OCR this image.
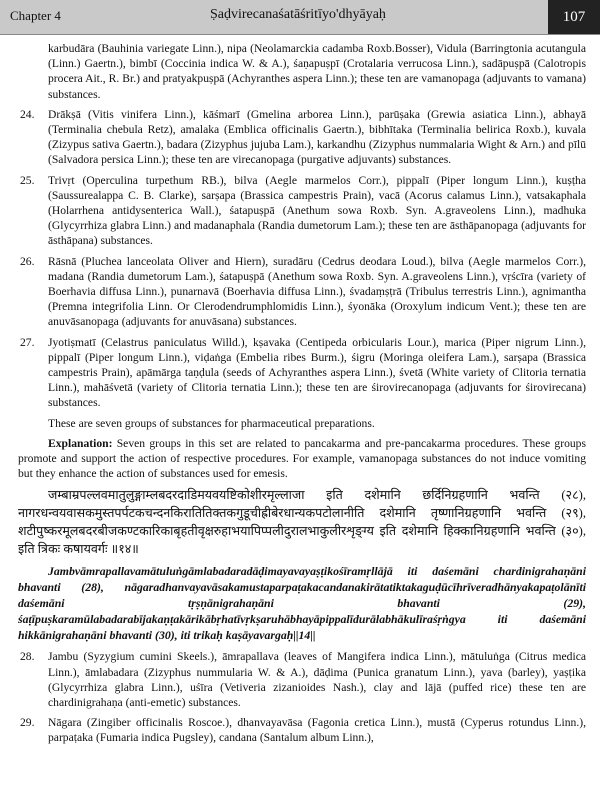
Chapter 4	Ṣaḍvirecanaśatāśritīyo'dhyāyaḥ	107

karbudāra (Bauhinia variegate Linn.), nipa (Neolamarckia cadamba Roxb.Bosser), Vidula (Barringtonia acutangula (Linn.) Gaertn.), bimbī (Coccinia indica W. & A.), śaṇapuṣpī (Crotalaria verrucosa Linn.), sadāpuṣpā (Calotropis procera Ait., R. Br.) and pratyakpuṣpā (Achyranthes aspera Linn.); these ten are vamanopaga (adjuvants to vamana) substances.

24. Drākṣā (Vitis vinifera Linn.), kāśmarī (Gmelina arborea Linn.), parūṣaka (Grewia asiatica Linn.), abhayā (Terminalia chebula Retz), amalaka (Emblica officinalis Gaertn.), bibhītaka (Terminalia belirica Roxb.), kuvala (Zizypus sativa Gaertn.), badara (Zizyphus jujuba Lam.), karkandhu (Zizyphus nummalaria Wight & Arn.) and pīlū (Salvadora persica Linn.); these ten are virecanopaga (purgative adjuvants) substances.
25. Trivṛt (Operculina turpethum RB.), bilva (Aegle marmelos Corr.), pippalī (Piper longum Linn.), kuṣṭha (Saussurealappa C. B. Clarke), sarṣapa (Brassica campestris Prain), vacā (Acorus calamus Linn.), vatsakaphala (Holarrhena antidysenterica Wall.), śatapuṣpā (Anethum sowa Roxb. Syn. A.graveolens Linn.), madhuka (Glycyrrhiza glabra Linn.) and madanaphala (Randia dumetorum Lam.); these ten are āsthāpanopaga (adjuvants for āsthāpana) substances.
26. Rāsnā (Pluchea lanceolata Oliver and Hiern), suradāru (Cedrus deodara Loud.), bilva (Aegle marmelos Corr.), madana (Randia dumetorum Lam.), śatapuṣpā (Anethum sowa Roxb. Syn. A.graveolens Linn.), vṛścīra (variety of Boerhavia diffusa Linn.), punarnavā (Boerhavia diffusa Linn.), śvadaṃṣṭrā (Tribulus terrestris Linn.), agnimantha (Premna integrifolia Linn. Or Clerodendrumphlomidis Linn.), śyonāka (Oroxylum indicum Vent.); these ten are anuvāsanopaga (adjuvants for anuvāsana) substances.
27. Jyotiṣmatī (Celastrus paniculatus Willd.), kṣavaka (Centipeda orbicularis Lour.), marica (Piper nigrum Linn.), pippalī (Piper longum Linn.), viḍaṅga (Embelia ribes Burm.), śigru (Moringa oleifera Lam.), sarṣapa (Brassica campestris Prain), apāmārga taṇḍula (seeds of Achyranthes aspera Linn.), śvetā (White variety of Clitoria ternatia Linn.), mahāśvetā (variety of Clitoria ternatia Linn.); these ten are śirovirecanopaga (adjuvants for śirovirecana) substances.

These are seven groups of substances for pharmaceutical preparations.

Explanation: Seven groups in this set are related to pancakarma and pre-pancakarma procedures. These groups promote and support the action of respective procedures. For example, vamanopaga substances do not induce vomiting but they enhance the action of substances used for emesis.

जम्बाम्रपल्लवमातुलुङ्गाम्लबदरदाडिमयवयष्टिकोशीरमृल्लाजा इति दशेमानि छर्दिनिग्रहणानि भवन्ति (२८), नागरधन्वयवासकमुस्तपर्पटकचन्दनकिरातितिक्तकगुडूचीह्रीबेरधान्यकपटोलानीति दशेमानि तृष्णानिग्रहणानि भवन्ति (२९), शटीपुष्करमूलबदरबीजकण्टकारिकाबृहतीवृक्षरुहाभयापिप्पलीदुरालभाकुलीरशृङ्ग्य इति दशेमानि हिक्कानिग्रहणानि भवन्ति (३०), इति त्रिकः कषायवर्गः ॥१४॥

Jambvāmrapallavamātuluṅgāmlabadaradāḍimayavayaṣṭikośīramṛllājā iti daśemāni chardinigrahaṇāni bhavanti (28), nāgaradhanvayavāsakamustaparpaṭakacandanakirātatiktakaguḍūcīhrīveradhānyakapaṭolānīti daśemāni tṛṣṇānigrahaṇāni bhavanti (29), śaṭīpuṣkaramūlabadarabījakaṇṭakārikābṛhatīvṛkṣaruhābhayāpippalīdurālabhākulīraśṛṅgya iti daśemāni hikkānigrahaṇāni bhavanti (30), iti trikaḥ kaṣāyavargaḥ||14||

28. Jambu (Syzygium cumini Skeels.), āmrapallava (leaves of Mangifera indica Linn.), mātuluṅga (Citrus medica Linn.), āmlabadara (Zizyphus nummularia W. & A.), dāḍima (Punica granatum Linn.), yava (barley), yaṣṭika (Glycyrrhiza glabra Linn.), uśīra (Vetiveria zizanioides Nash.), clay and lājā (puffed rice) these ten are chardinigrahaṇa (anti-emetic) substances.
29. Nāgara (Zingiber officinalis Roscoe.), dhanvayavāsa (Fagonia cretica Linn.), mustā (Cyperus rotundus Linn.), parpaṭaka (Fumaria indica Pugsley), candana (Santalum album Linn.),
